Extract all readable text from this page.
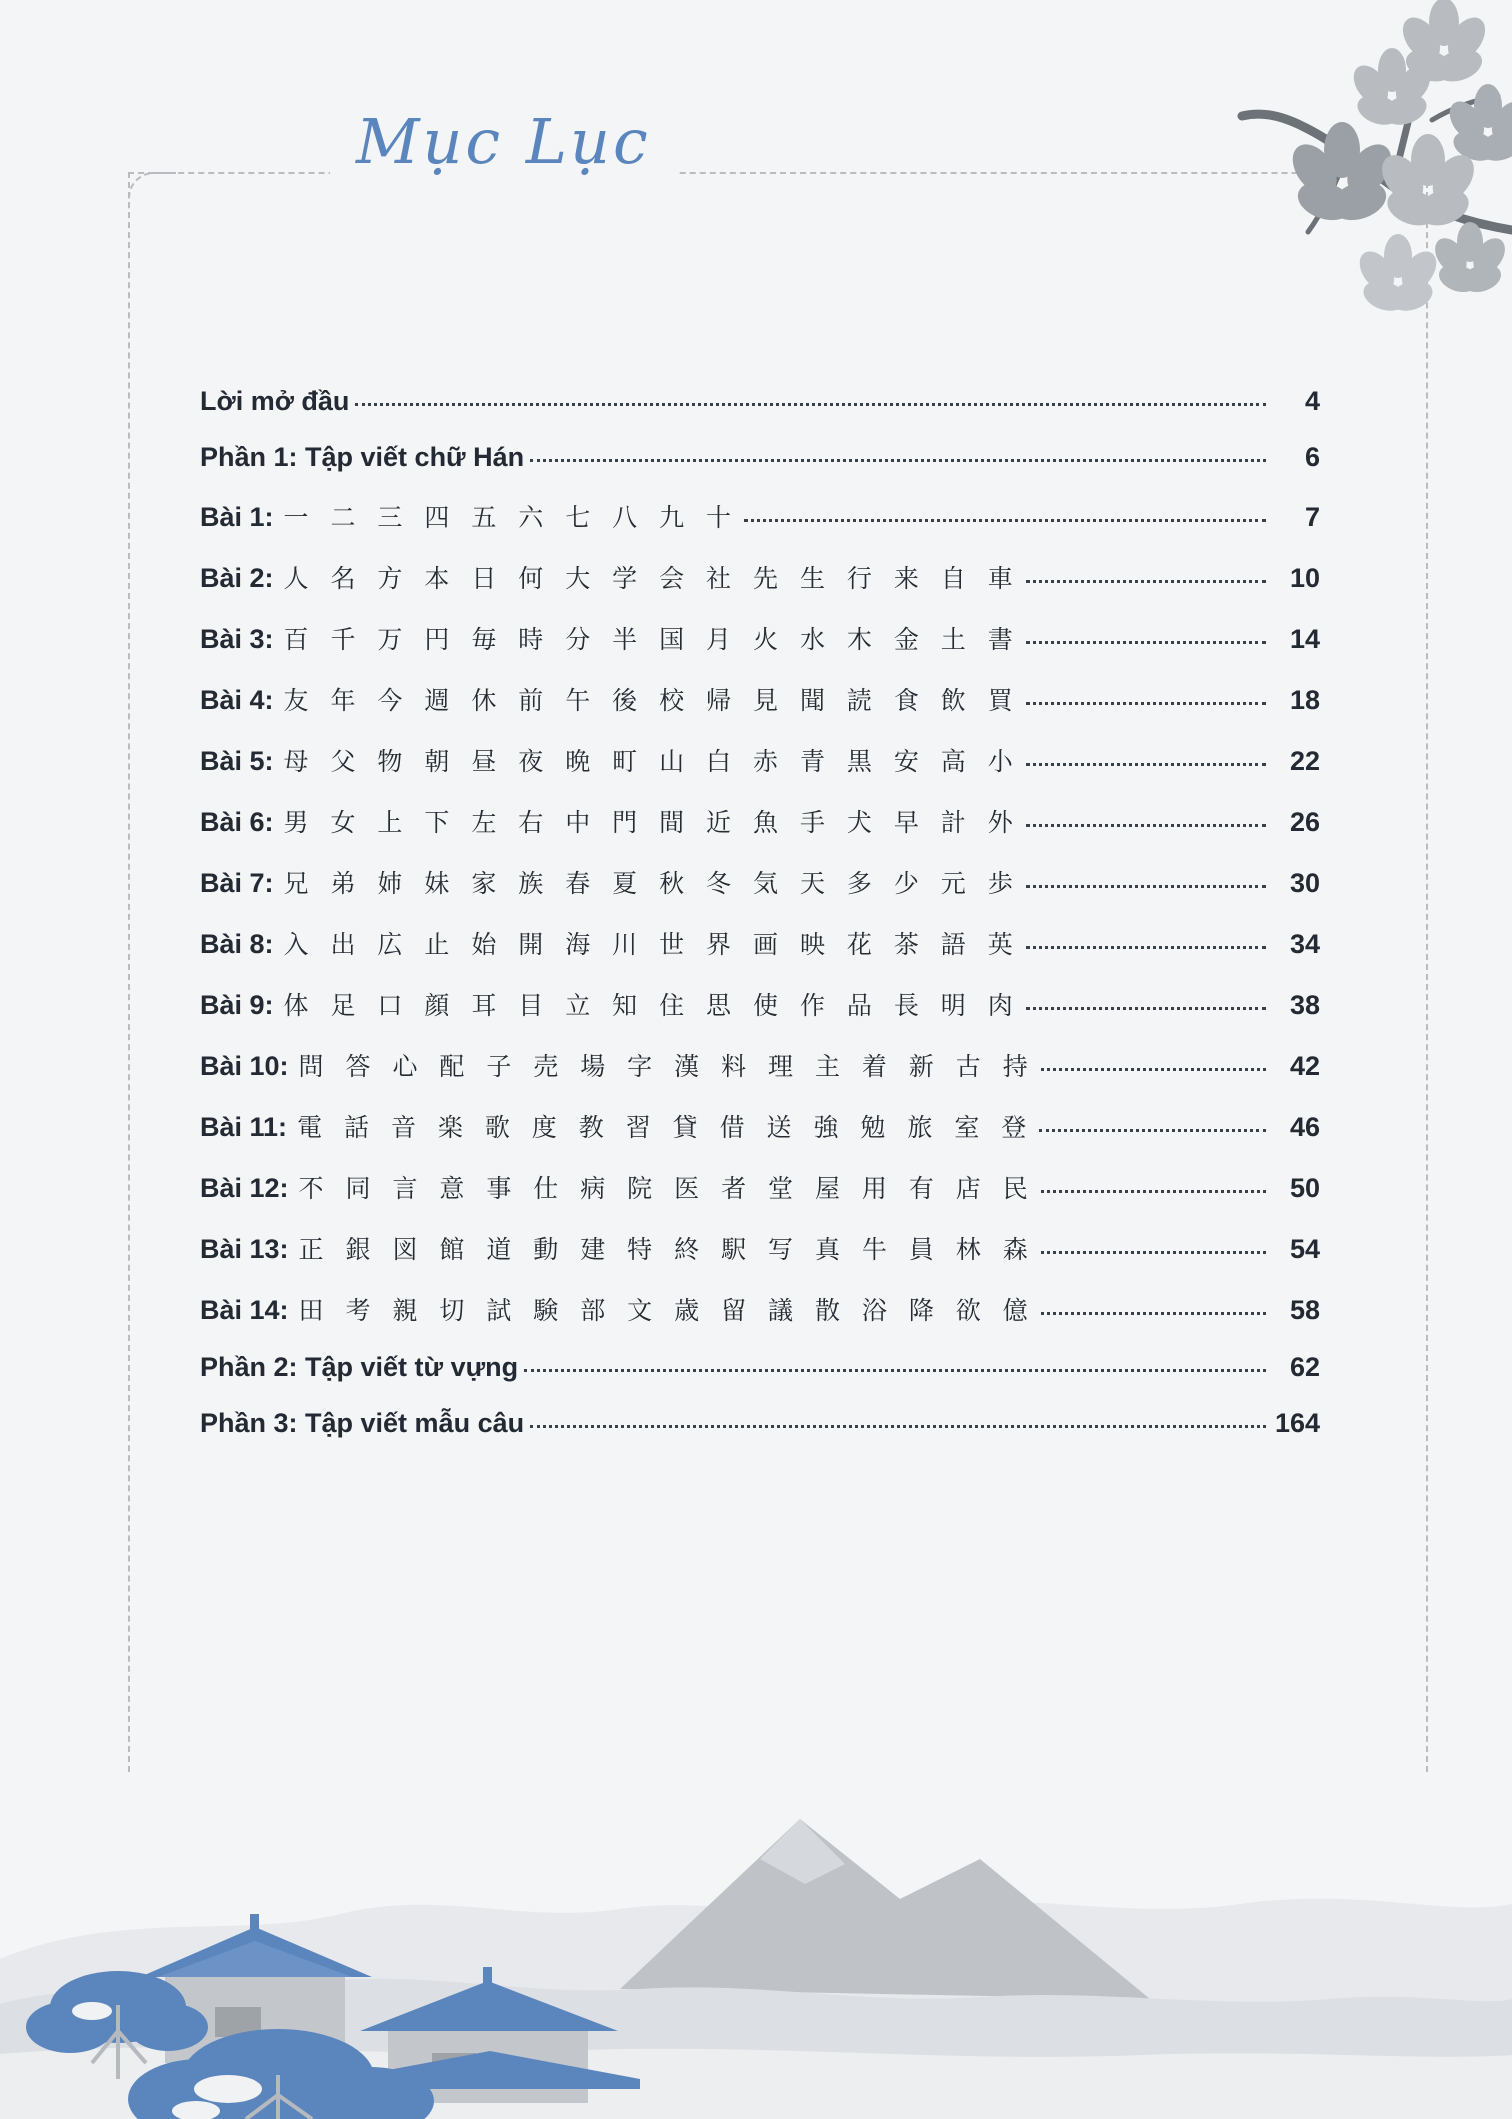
Mục Lục
Lời mở đầu	4
Phần 1: Tập viết chữ Hán	6
Bài 1: 一 二 三 四 五 六 七 八 九 十	7
Bài 2: 人 名 方 本 日 何 大 学 会 社 先 生 行 来 自 車	10
Bài 3: 百 千 万 円 毎 時 分 半 国 月 火 水 木 金 土 書	14
Bài 4: 友 年 今 週 休 前 午 後 校 帰 見 聞 読 食 飲 買	18
Bài 5: 母 父 物 朝 昼 夜 晩 町 山 白 赤 青 黒 安 高 小	22
Bài 6: 男 女 上 下 左 右 中 門 間 近 魚 手 犬 早 計 外	26
Bài 7: 兄 弟 姉 妹 家 族 春 夏 秋 冬 気 天 多 少 元 歩	30
Bài 8: 入 出 広 止 始 開 海 川 世 界 画 映 花 茶 語 英	34
Bài 9: 体 足 口 顔 耳 目 立 知 住 思 使 作 品 長 明 肉	38
Bài 10: 問 答 心 配 子 売 場 字 漢 料 理 主 着 新 古 持	42
Bài 11: 電 話 音 楽 歌 度 教 習 貸 借 送 強 勉 旅 室 登	46
Bài 12: 不 同 言 意 事 仕 病 院 医 者 堂 屋 用 有 店 民	50
Bài 13: 正 銀 図 館 道 動 建 特 終 駅 写 真 牛 員 林 森	54
Bài 14: 田 考 親 切 試 験 部 文 歳 留 議 散 浴 降 欲 億	58
Phần 2: Tập viết từ vựng	62
Phần 3: Tập viết mẫu câu	164
